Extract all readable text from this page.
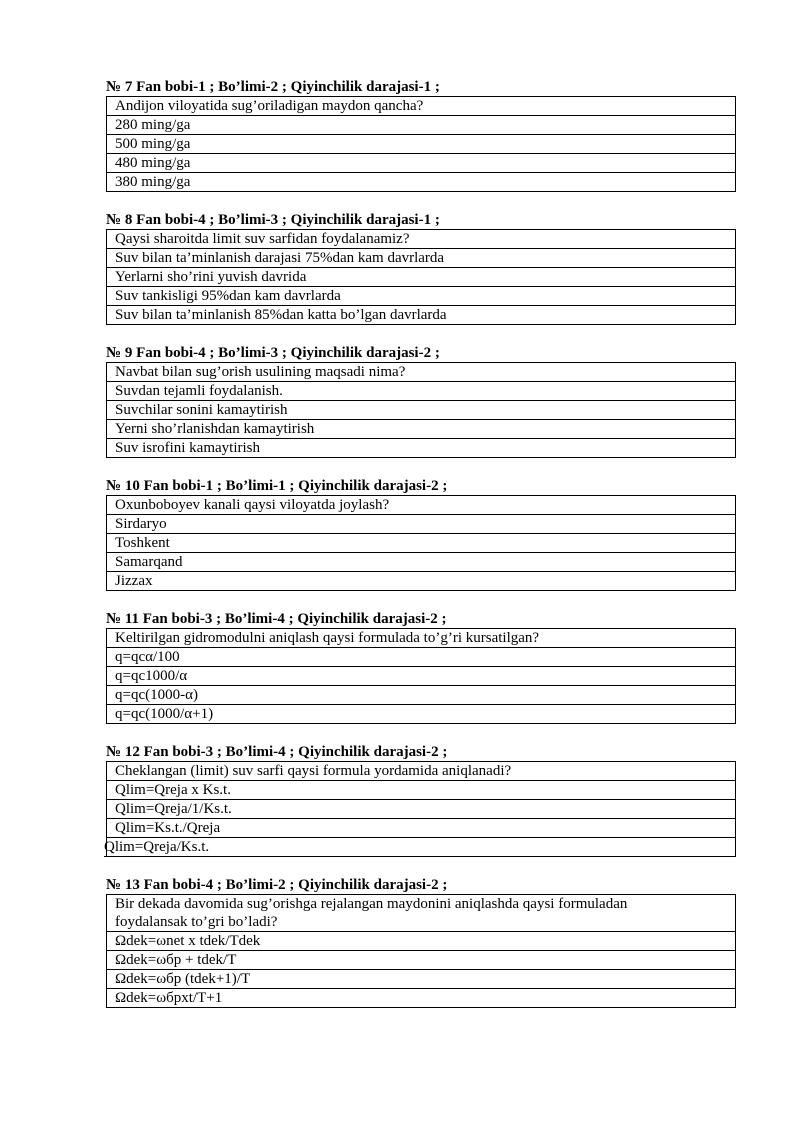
№ 7 Fan bobi-1 ; Bo’limi-2 ; Qiyinchilik darajasi-1 ;
Andijon viloyatida sug’oriladigan maydon qancha?
280 ming/ga
500 ming/ga
480 ming/ga
380 ming/ga
№ 8 Fan bobi-4 ; Bo’limi-3 ; Qiyinchilik darajasi-1 ;
Qaysi sharoitda limit suv sarfidan foydalanamiz?
Suv bilan ta’minlanish darajasi 75%dan kam davrlarda
Yerlarni sho’rini yuvish davrida
Suv tankisligi 95%dan kam davrlarda
Suv bilan ta’minlanish 85%dan katta bo’lgan davrlarda
№ 9 Fan bobi-4 ; Bo’limi-3 ; Qiyinchilik darajasi-2 ;
Navbat bilan sug’orish usulining maqsadi nima?
Suvdan tejamli foydalanish.
Suvchilar sonini kamaytirish
Yerni sho’rlanishdan kamaytirish
Suv isrofini kamaytirish
№ 10 Fan bobi-1 ; Bo’limi-1 ; Qiyinchilik darajasi-2 ;
Oxunboboyev kanali qaysi viloyatda joylash?
Sirdaryo
Toshkent
Samarqand
Jizzax
№ 11 Fan bobi-3 ; Bo’limi-4 ; Qiyinchilik darajasi-2 ;
Keltirilgan gidromodulni aniqlash qaysi formulada to’g’ri kursatilgan?
q=qcα/100
q=qc1000/α
q=qc(1000-α)
q=qc(1000/α+1)
№ 12 Fan bobi-3 ; Bo’limi-4 ; Qiyinchilik darajasi-2 ;
Cheklangan (limit) suv sarfi qaysi formula yordamida aniqlanadi?
Qlim=Qreja x Ks.t.
Qlim=Qreja/1/Ks.t.
Qlim=Ks.t./Qreja
Qlim=Qreja/Ks.t.
№ 13 Fan bobi-4 ; Bo’limi-2 ; Qiyinchilik darajasi-2 ;
Bir dekada davomida sug’orishga rejalangan maydonini aniqlashda qaysi formuladan foydalansak to’gri bo’ladi?
Ωdek=ωnet x tdek/Tdek
Ωdek=ωбр + tdek/T
Ωdek=ωбр (tdek+1)/T
Ωdek=ωбрхt/T+1
